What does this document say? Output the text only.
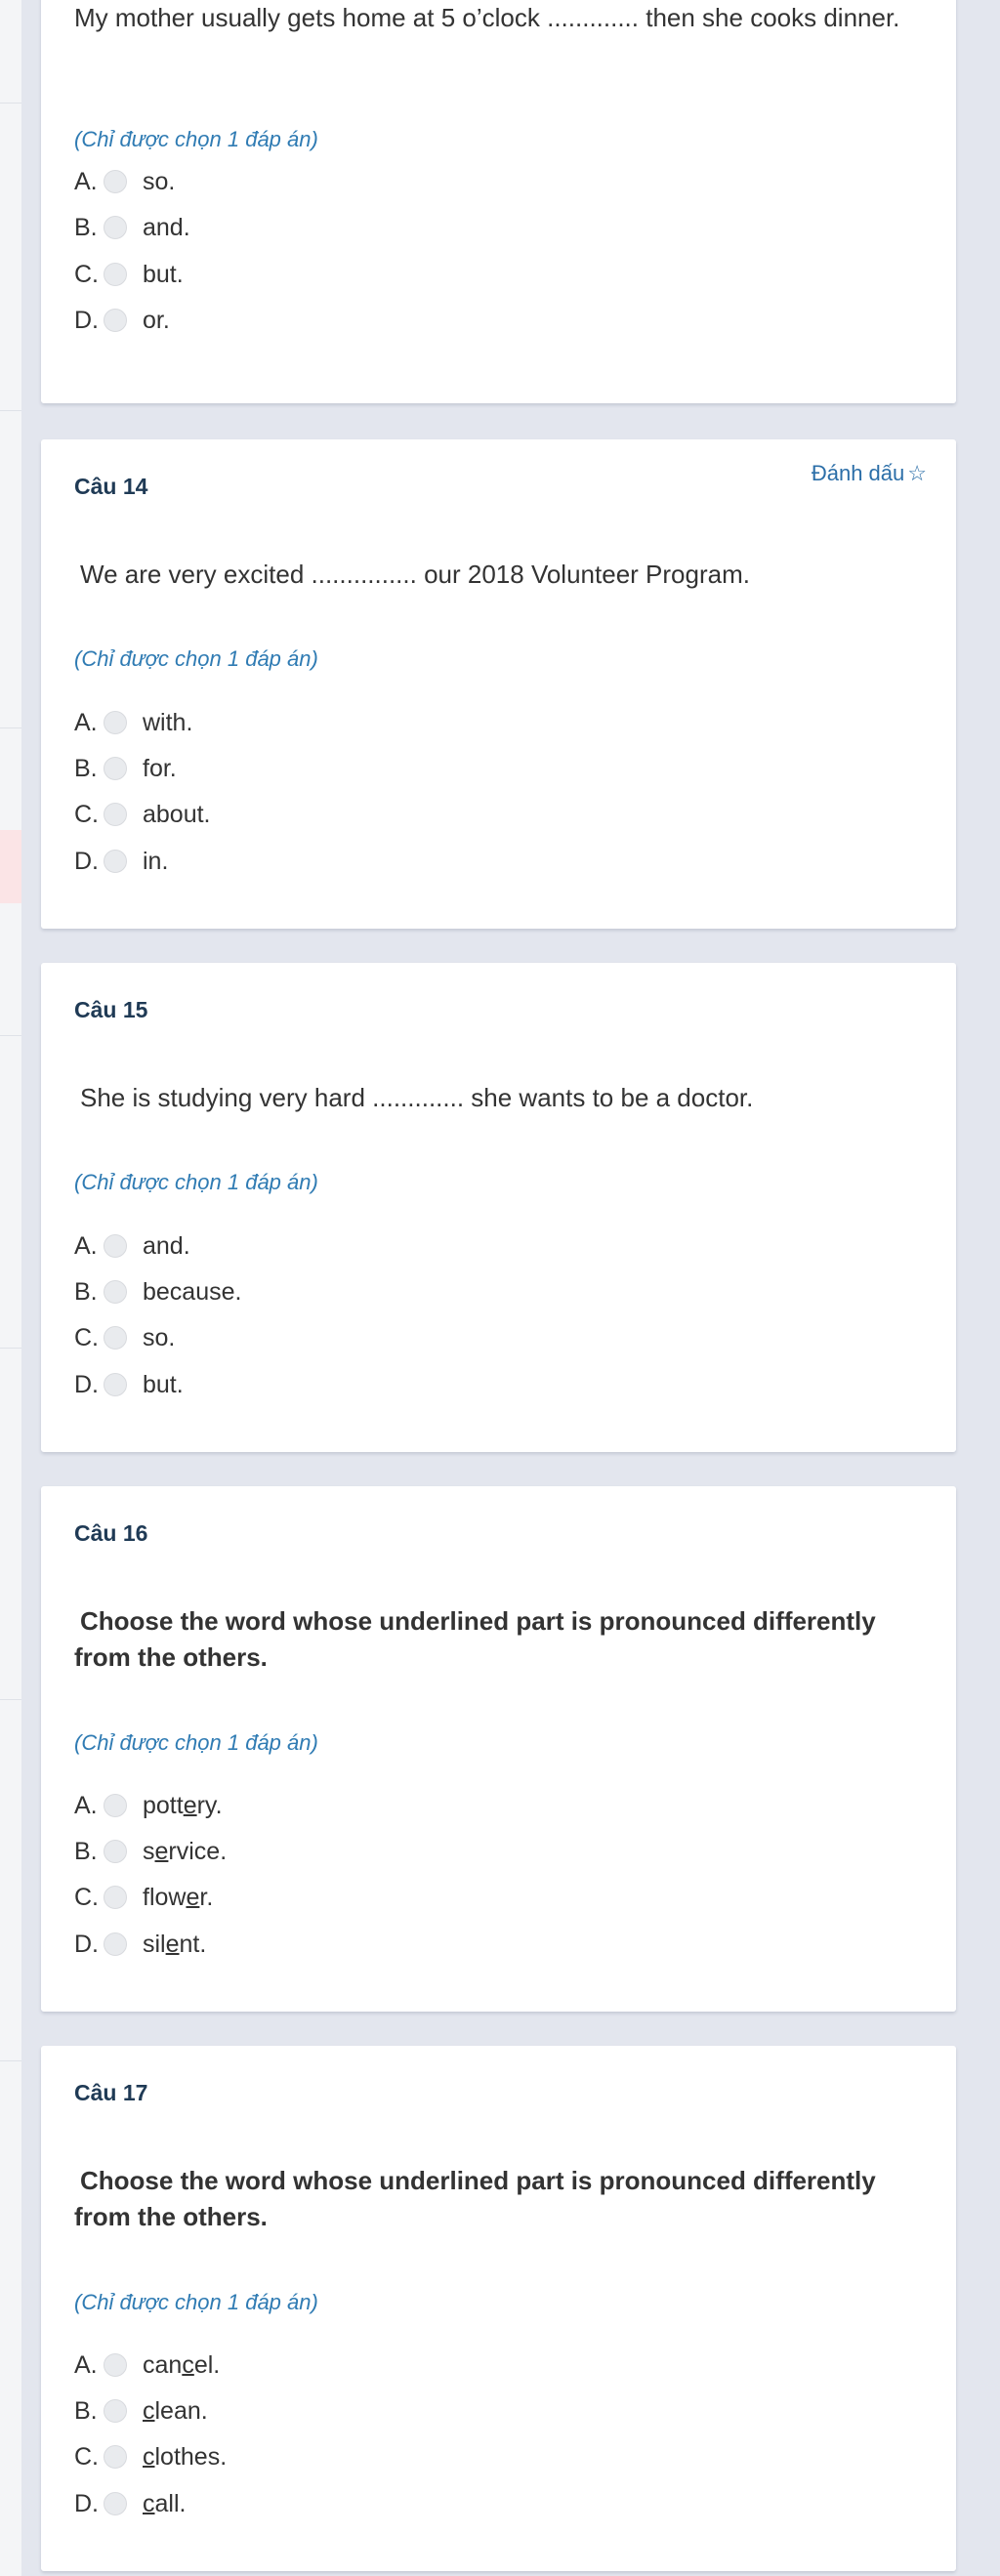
My mother usually gets home at 5 o’clock ............. then she cooks dinner.
(Chỉ được chọn 1 đáp án)
A. so.
B. and.
C. but.
D. or.
Câu 14
Đánh dấu ☆
We are very excited ............... our 2018 Volunteer Program.
(Chỉ được chọn 1 đáp án)
A. with.
B. for.
C. about.
D. in.
Câu 15
She is studying very hard ............. she wants to be a doctor.
(Chỉ được chọn 1 đáp án)
A. and.
B. because.
C. so.
D. but.
Câu 16
Choose the word whose underlined part is pronounced differently from the others.
(Chỉ được chọn 1 đáp án)
A. pottery.
B. service.
C. flower.
D. silent.
Câu 17
Choose the word whose underlined part is pronounced differently from the others.
(Chỉ được chọn 1 đáp án)
A. cancel.
B. clean.
C. clothes.
D. call.
